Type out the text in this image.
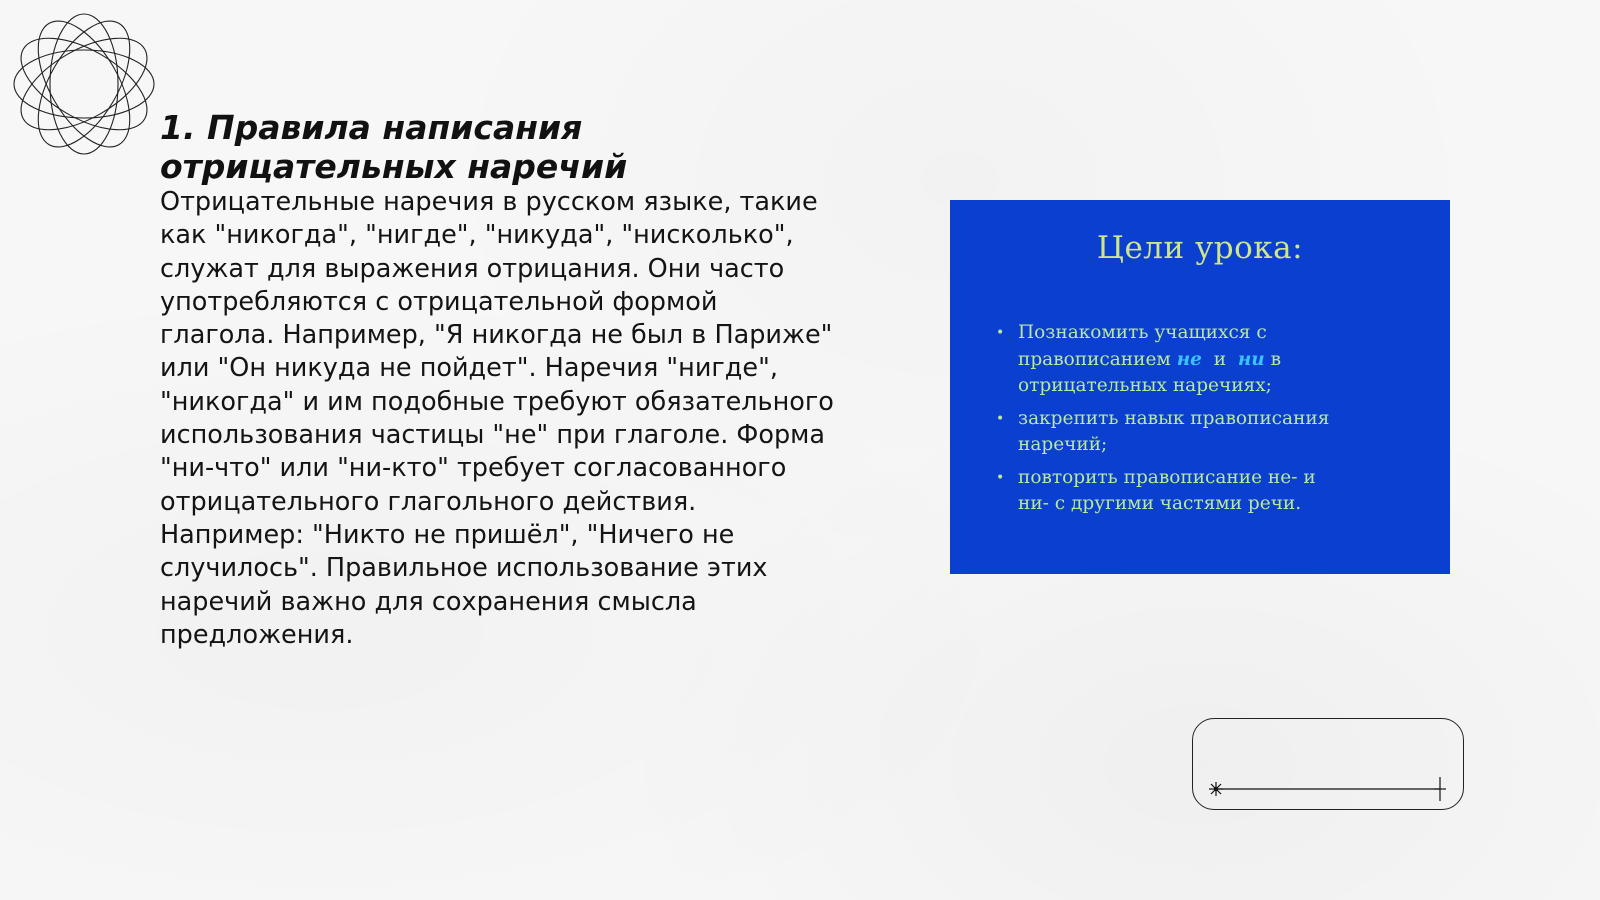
1. Правила написания
отрицательных наречий

Отрицательные наречия в русском языке, такие
как "никогда", "нигде", "никуда", "нисколько",
служат для выражения отрицания. Они часто
употребляются с отрицательной формой
глагола. Например, "Я никогда не был в Париже"
или "Он никуда не пойдет". Наречия "нигде",
"никогда" и им подобные требуют обязательного
использования частицы "не" при глаголе. Форма
"ни-что" или "ни-кто" требует согласованного
отрицательного глагольного действия.
Например: "Никто не пришёл", "Ничего не
случилось". Правильное использование этих
наречий важно для сохранения смысла
предложения.

Цели урока:
• Познакомить учащихся с
правописанием не  и  ни в
отрицательных наречиях;
• закрепить навык правописания
наречий;
• повторить правописание не- и
ни- с другими частями речи.
